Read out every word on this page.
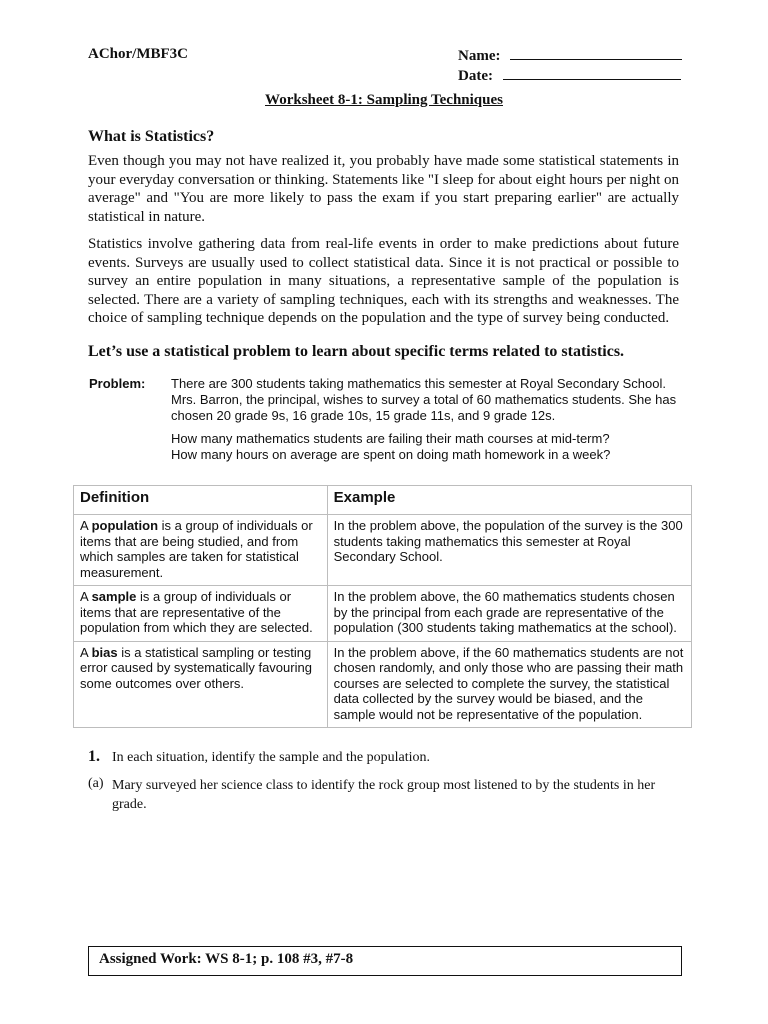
AChor/MBF3C	Name:
Date:
Worksheet 8-1: Sampling Techniques
What is Statistics?
Even though you may not have realized it, you probably have made some statistical statements in your everyday conversation or thinking. Statements like "I sleep for about eight hours per night on average" and "You are more likely to pass the exam if you start preparing earlier" are actually statistical in nature.
Statistics involve gathering data from real-life events in order to make predictions about future events. Surveys are usually used to collect statistical data. Since it is not practical or possible to survey an entire population in many situations, a representative sample of the population is selected. There are a variety of sampling techniques, each with its strengths and weaknesses. The choice of sampling technique depends on the population and the type of survey being conducted.
Let’s use a statistical problem to learn about specific terms related to statistics.
Problem: There are 300 students taking mathematics this semester at Royal Secondary School. Mrs. Barron, the principal, wishes to survey a total of 60 mathematics students. She has chosen 20 grade 9s, 16 grade 10s, 15 grade 11s, and 9 grade 12s.
How many mathematics students are failing their math courses at mid-term?
How many hours on average are spent on doing math homework in a week?
Definition	Example
A population is a group of individuals or items that are being studied, and from which samples are taken for statistical measurement.	In the problem above, the population of the survey is the 300 students taking mathematics this semester at Royal Secondary School.
A sample is a group of individuals or items that are representative of the population from which they are selected.	In the problem above, the 60 mathematics students chosen by the principal from each grade are representative of the population (300 students taking mathematics at the school).
A bias is a statistical sampling or testing error caused by systematically favouring some outcomes over others.	In the problem above, if the 60 mathematics students are not chosen randomly, and only those who are passing their math courses are selected to complete the survey, the statistical data collected by the survey would be biased, and the sample would not be representative of the population.
1. In each situation, identify the sample and the population.
(a) Mary surveyed her science class to identify the rock group most listened to by the students in her grade.
Assigned Work: WS 8-1; p. 108 #3, #7-8
